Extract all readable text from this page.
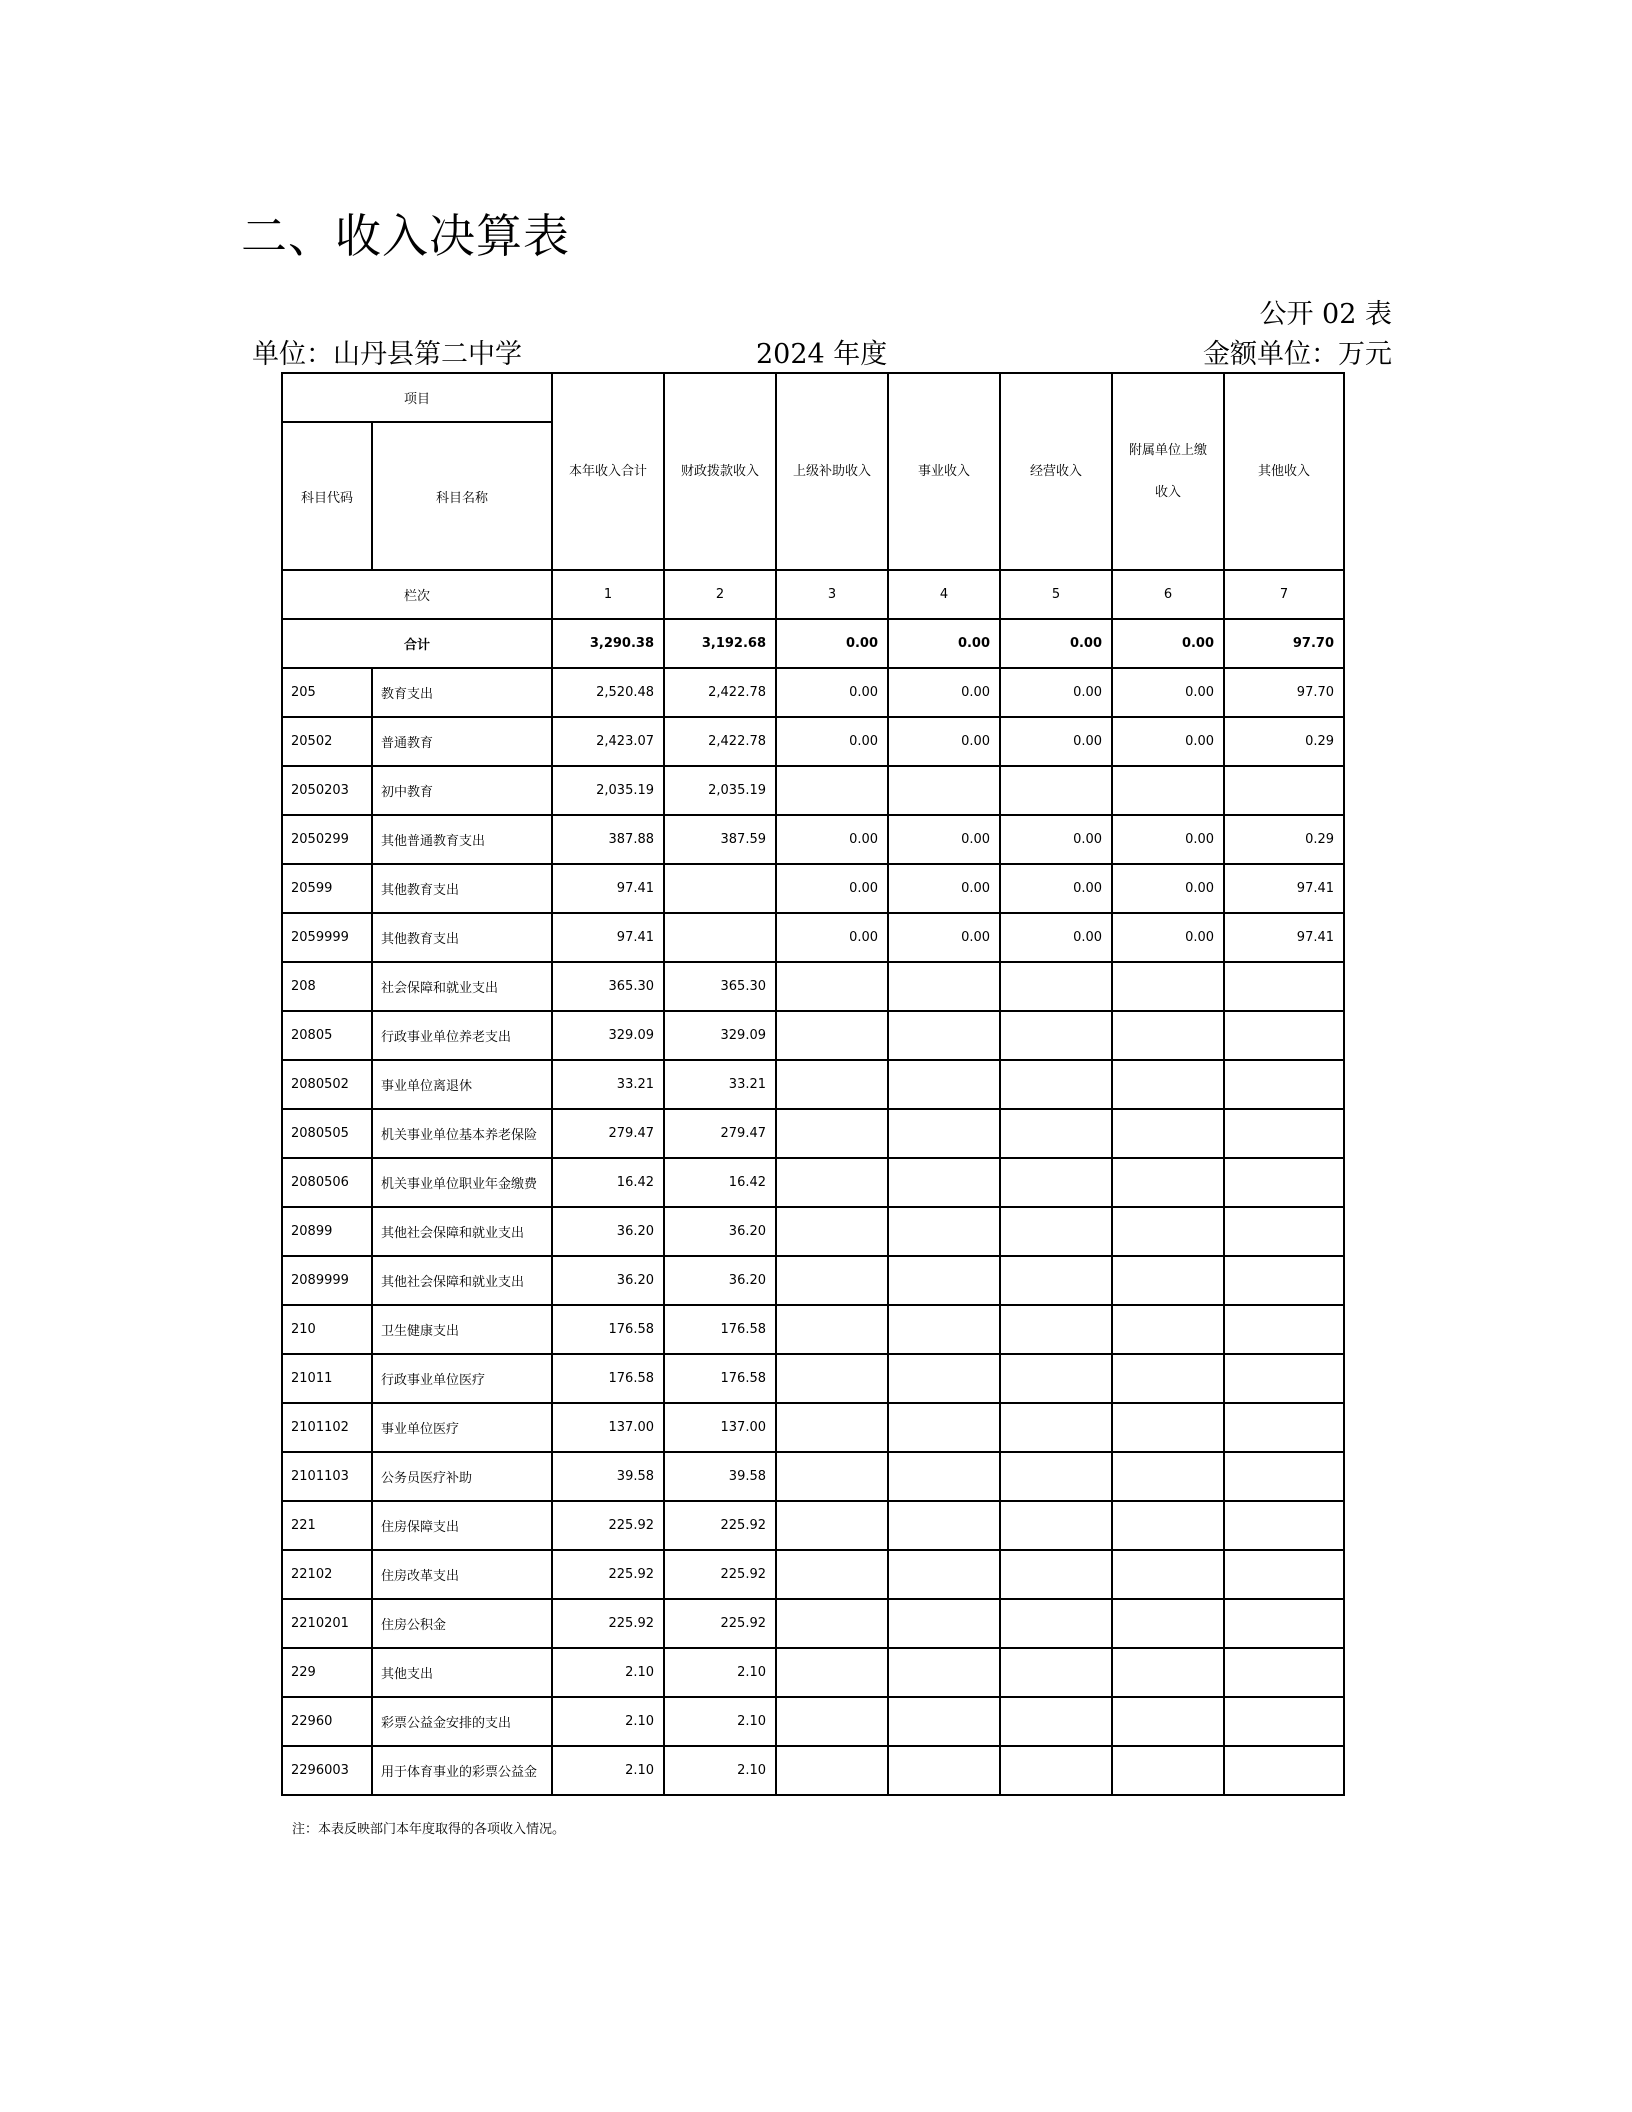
二、收入决算表
公开 02 表
单位：山丹县第二中学	2024 年度	金额单位：万元
项目		本年收入合计	财政拨款收入	上级补助收入	事业收入	经营收入	附属单位上缴收入	其他收入
科目代码	科目名称							
栏次		1	2	3	4	5	6	7
合计		3,290.38	3,192.68	0.00	0.00	0.00	0.00	97.70
205	教育支出	2,520.48	2,422.78	0.00	0.00	0.00	0.00	97.70
20502	普通教育	2,423.07	2,422.78	0.00	0.00	0.00	0.00	0.29
2050203	初中教育	2,035.19	2,035.19					
2050299	其他普通教育支出	387.88	387.59	0.00	0.00	0.00	0.00	0.29
20599	其他教育支出	97.41		0.00	0.00	0.00	0.00	97.41
2059999	其他教育支出	97.41		0.00	0.00	0.00	0.00	97.41
208	社会保障和就业支出	365.30	365.30					
20805	行政事业单位养老支出	329.09	329.09					
2080502	事业单位离退休	33.21	33.21					
2080505	机关事业单位基本养老保险	279.47	279.47					
2080506	机关事业单位职业年金缴费	16.42	16.42					
20899	其他社会保障和就业支出	36.20	36.20					
2089999	其他社会保障和就业支出	36.20	36.20					
210	卫生健康支出	176.58	176.58					
21011	行政事业单位医疗	176.58	176.58					
2101102	事业单位医疗	137.00	137.00					
2101103	公务员医疗补助	39.58	39.58					
221	住房保障支出	225.92	225.92					
22102	住房改革支出	225.92	225.92					
2210201	住房公积金	225.92	225.92					
229	其他支出	2.10	2.10					
22960	彩票公益金安排的支出	2.10	2.10					
2296003	用于体育事业的彩票公益金	2.10	2.10					
注：本表反映部门本年度取得的各项收入情况。
